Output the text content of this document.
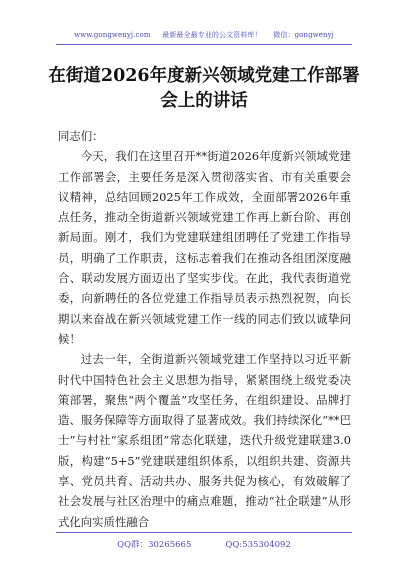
www.gongwenyj.com 最新最全最专业的公文资料库！ 微信：gongwenyj
在街道2026年度新兴领域党建工作部署
会上的讲话

同志们：

今天，我们在这里召开**街道2026年度新兴领域党建工作部署会，主要任务是深入贯彻落实省、市有关重要会议精神，总结回顾2025年工作成效，全面部署2026年重点任务，推动全街道新兴领域党建工作再上新台阶、再创新局面。刚才，我们为党建联建组团聘任了党建工作指导员，明确了工作职责，这标志着我们在推动各组团深度融合、联动发展方面迈出了坚实步伐。在此，我代表街道党委，向新聘任的各位党建工作指导员表示热烈祝贺，向长期以来奋战在新兴领域党建工作一线的同志们致以诚挚问候！

过去一年，全街道新兴领域党建工作坚持以习近平新时代中国特色社会主义思想为指导，紧紧围绕上级党委决策部署，聚焦“两个覆盖”攻坚任务，在组织建设、品牌打造、服务保障等方面取得了显著成效。我们持续深化“**巴士”与村社“家系组团”常态化联建，迭代升级党建联建3.0版，构建“5+5”党建联建组织体系，以组织共建、资源共享、党员共育、活动共办、服务共促为核心，有效破解了社会发展与社区治理中的痛点难题，推动“社企联建”从形式化向实质性融合

QQ群：30265665	QQ:535304092
